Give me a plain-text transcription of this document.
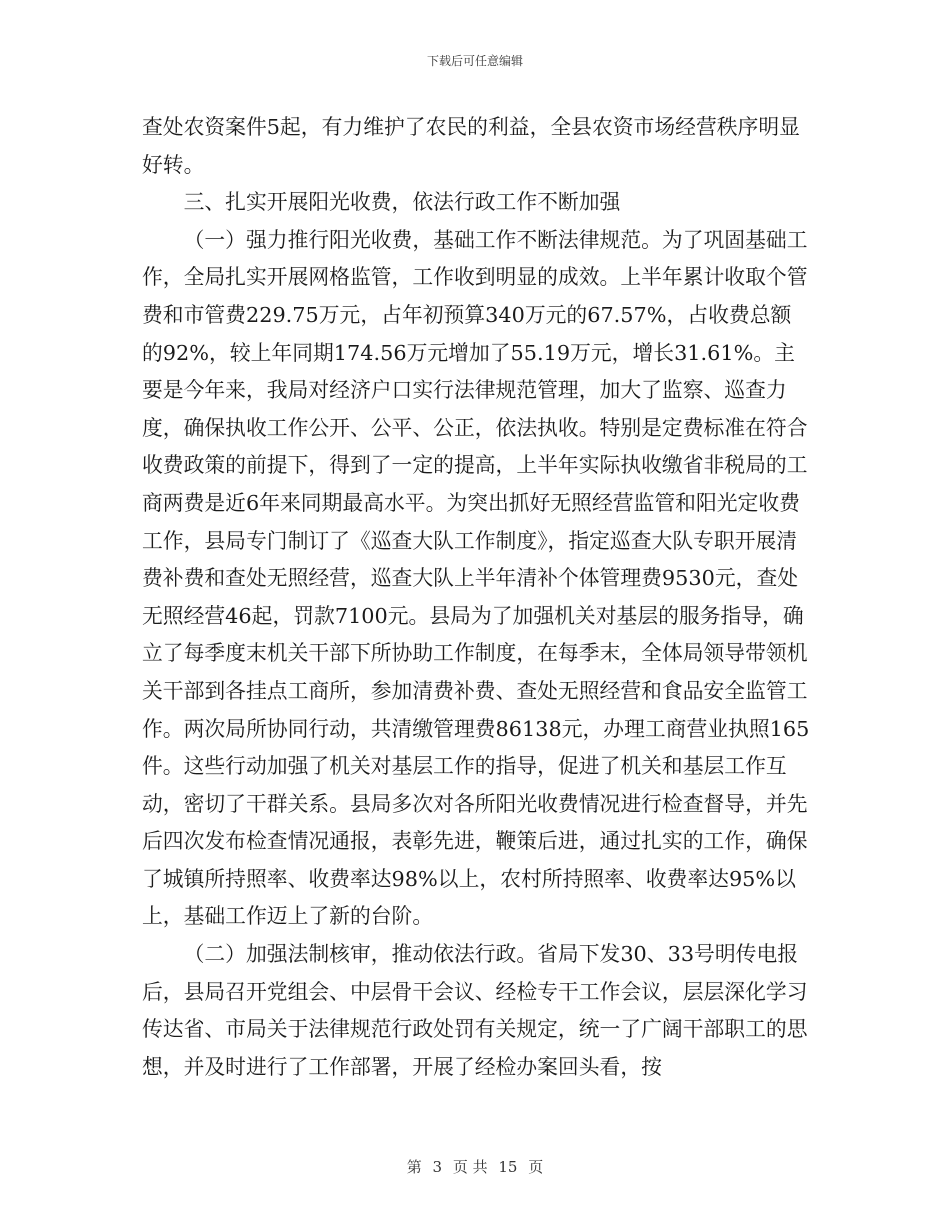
下载后可任意编辑

查处农资案件5起，有力维护了农民的利益，全县农资市场经营秩序明显好转。

三、扎实开展阳光收费，依法行政工作不断加强

（一）强力推行阳光收费，基础工作不断法律规范。为了巩固基础工作，全局扎实开展网格监管，工作收到明显的成效。上半年累计收取个管费和市管费229.75万元，占年初预算340万元的67.57%，占收费总额的92%，较上年同期174.56万元增加了55.19万元，增长31.61%。主要是今年来，我局对经济户口实行法律规范管理，加大了监察、巡查力度，确保执收工作公开、公平、公正，依法执收。特别是定费标准在符合收费政策的前提下，得到了一定的提高，上半年实际执收缴省非税局的工商两费是近6年来同期最高水平。为突出抓好无照经营监管和阳光定收费工作，县局专门制订了《巡查大队工作制度》，指定巡查大队专职开展清费补费和查处无照经营，巡查大队上半年清补个体管理费9530元，查处无照经营46起，罚款7100元。县局为了加强机关对基层的服务指导，确立了每季度末机关干部下所协助工作制度，在每季末，全体局领导带领机关干部到各挂点工商所，参加清费补费、查处无照经营和食品安全监管工作。两次局所协同行动，共清缴管理费86138元，办理工商营业执照165件。这些行动加强了机关对基层工作的指导，促进了机关和基层工作互动，密切了干群关系。县局多次对各所阳光收费情况进行检查督导，并先后四次发布检查情况通报，表彰先进，鞭策后进，通过扎实的工作，确保了城镇所持照率、收费率达98%以上，农村所持照率、收费率达95%以上，基础工作迈上了新的台阶。

（二）加强法制核审，推动依法行政。省局下发30、33号明传电报后，县局召开党组会、中层骨干会议、经检专干工作会议，层层深化学习传达省、市局关于法律规范行政处罚有关规定，统一了广阔干部职工的思想，并及时进行了工作部署，开展了经检办案回头看，按

第 3 页 共 15 页
